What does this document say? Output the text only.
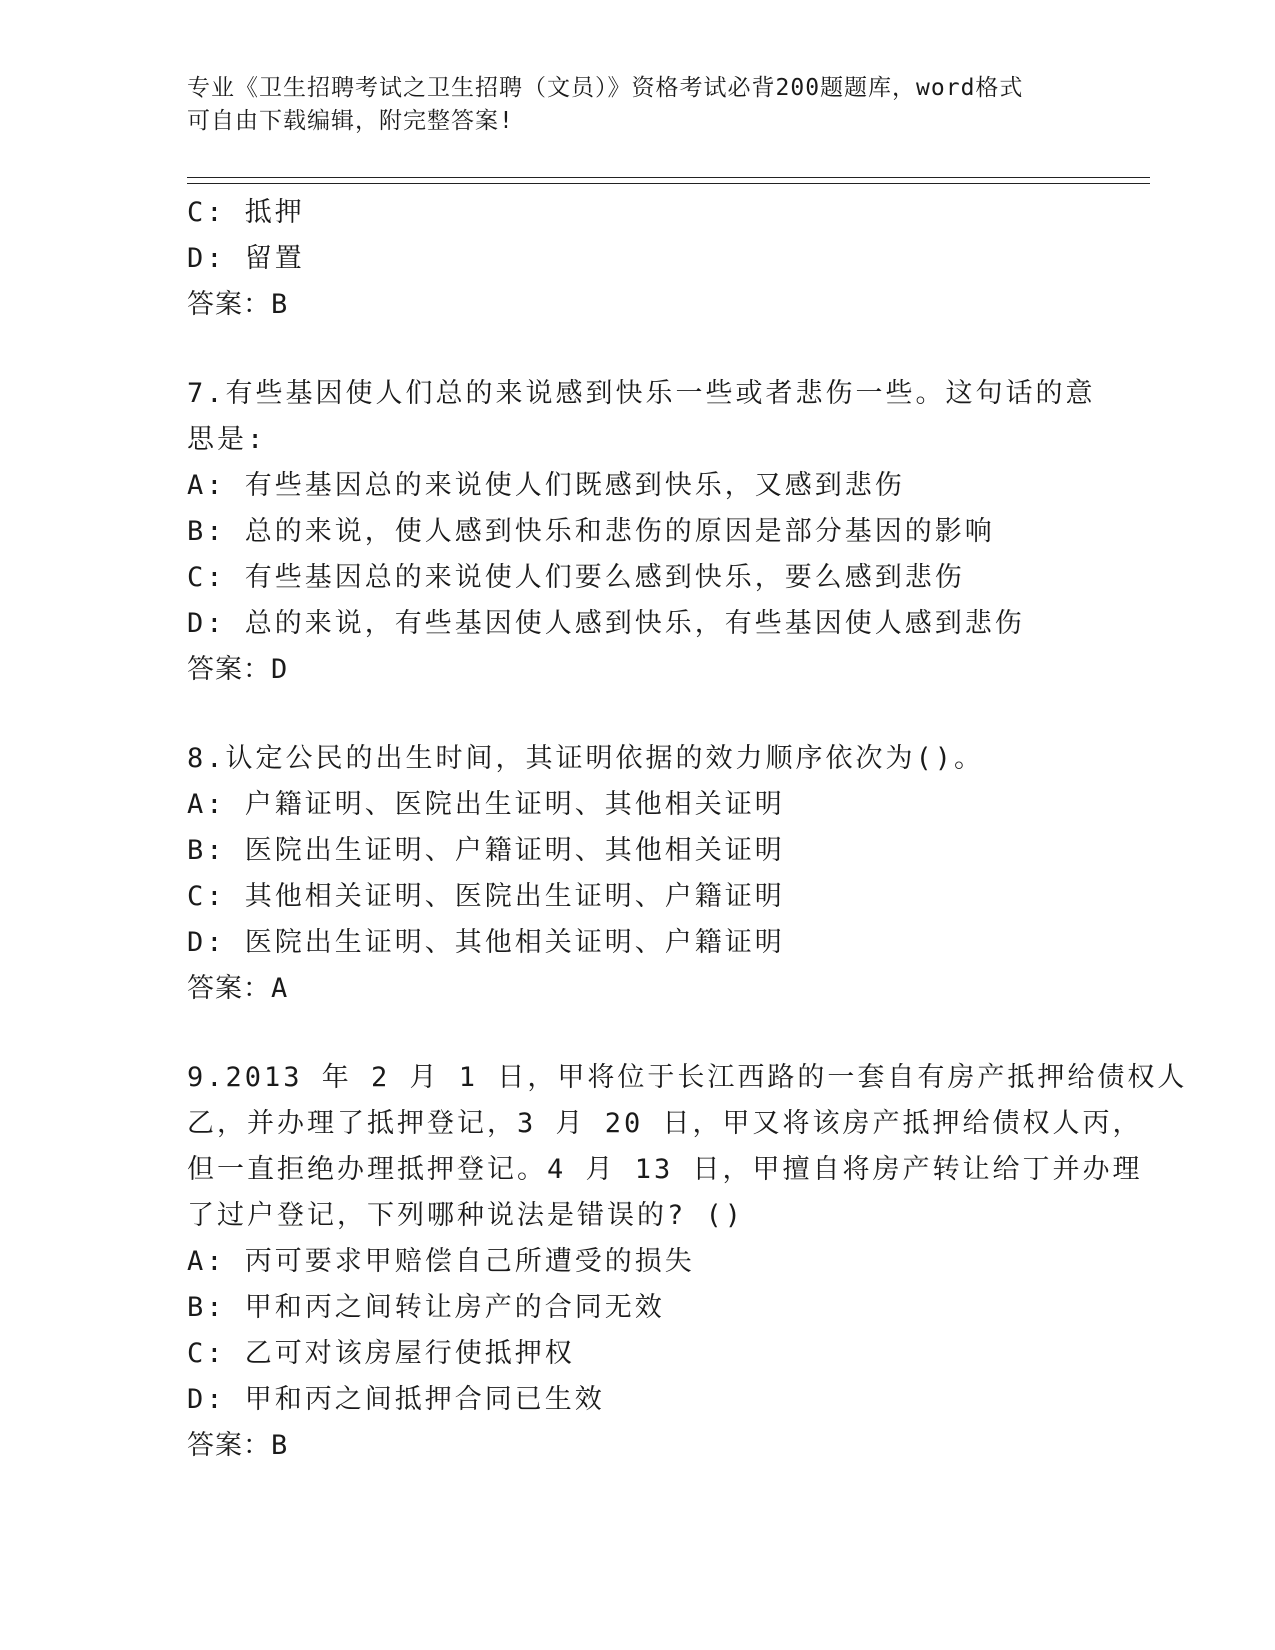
专业《卫生招聘考试之卫生招聘（文员）》资格考试必背200题题库，word格式
可自由下载编辑，附完整答案!
C: 抵押
D: 留置
答案：B
7.有些基因使人们总的来说感到快乐一些或者悲伤一些。这句话的意
思是:
A: 有些基因总的来说使人们既感到快乐，又感到悲伤
B: 总的来说，使人感到快乐和悲伤的原因是部分基因的影响
C: 有些基因总的来说使人们要么感到快乐，要么感到悲伤
D: 总的来说，有些基因使人感到快乐，有些基因使人感到悲伤
答案：D
8.认定公民的出生时间，其证明依据的效力顺序依次为()。
A: 户籍证明、医院出生证明、其他相关证明
B: 医院出生证明、户籍证明、其他相关证明
C: 其他相关证明、医院出生证明、户籍证明
D: 医院出生证明、其他相关证明、户籍证明
答案：A
9.2013 年 2 月 1 日，甲将位于长江西路的一套自有房产抵押给债权人
乙，并办理了抵押登记，3 月 20 日，甲又将该房产抵押给债权人丙，
但一直拒绝办理抵押登记。4 月 13 日，甲擅自将房产转让给丁并办理
了过户登记，下列哪种说法是错误的? ()
A: 丙可要求甲赔偿自己所遭受的损失
B: 甲和丙之间转让房产的合同无效
C: 乙可对该房屋行使抵押权
D: 甲和丙之间抵押合同已生效
答案：B
